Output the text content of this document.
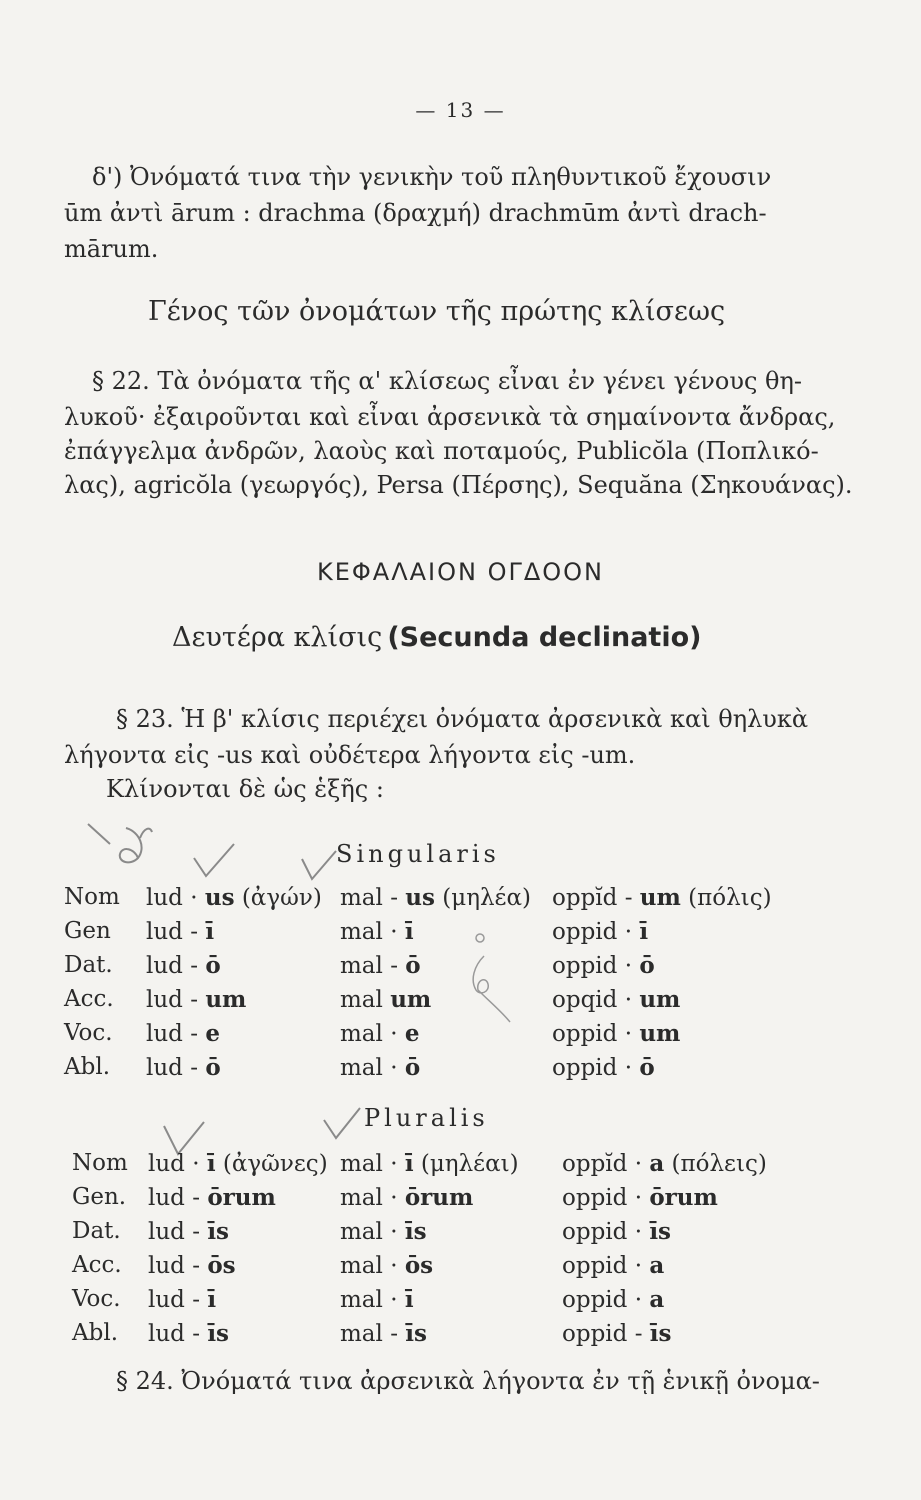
— 13 —
δ') Ὀνόματά τινα τὴν γενικὴν τοῦ πληθυντικοῦ ἔχουσιν
ūm ἀντὶ ārum : drachma (δραχμή) drachmūm ἀντὶ drach-
mārum.
Γένος τῶν ὀνομάτων τῆς πρώτης κλίσεως
§ 22. Τὰ ὀνόματα τῆς α' κλίσεως εἶναι ἐν γένει γένους θη-
λυκοῦ· ἐξαιροῦνται καὶ εἶναι ἀρσενικὰ τὰ σημαίνοντα ἄνδρας,
ἐπάγγελμα ἀνδρῶν, λαοὺς καὶ ποταμούς, Publicŏla (Ποπλικό-
λας), agricŏla (γεωργός), Persa (Πέρσης), Sequăna (Σηκουάνας).
ΚΕΦΑΛΑΙΟΝ ΟΓΔΟΟΝ
Δευτέρα κλίσις (Secunda declinatio)
§ 23. Ἡ β' κλίσις περιέχει ὀνόματα ἀρσενικὰ καὶ θηλυκὰ
λήγοντα εἰς -us καὶ οὐδέτερα λήγοντα εἰς -um.
Κλίνονται δὲ ὡς ἑξῆς :
Singularis
Nom lud · us (ἀγών) mal - us (μηλέα) oppĭd - um (πόλις)
Gen lud - ī	mal · ī	oppid · ī
Dat. lud - ō	mal - ō	oppid · ō
Acc. lud - um	mal um	opqid · um
Voc. lud - e	mal · e	oppid · um
Abl. lud - ō	mal · ō	oppid · ō
Pluralis
Nom lud · ī (ἀγῶνες) mal · ī (μηλέαι) oppĭd · a (πόλεις)
Gen. lud - ōrum	mal · ōrum	oppid · ōrum
Dat. lud - īs	mal · īs	oppid · īs
Acc. lud - ōs	mal · ōs	oppid · a
Voc. lud - ī	mal · ī	oppid · a
Abl. lud - īs	mal - īs	oppid - īs
§ 24. Ὀνόματά τινα ἀρσενικὰ λήγοντα ἐν τῇ ἑνικῇ ὀνομα-
